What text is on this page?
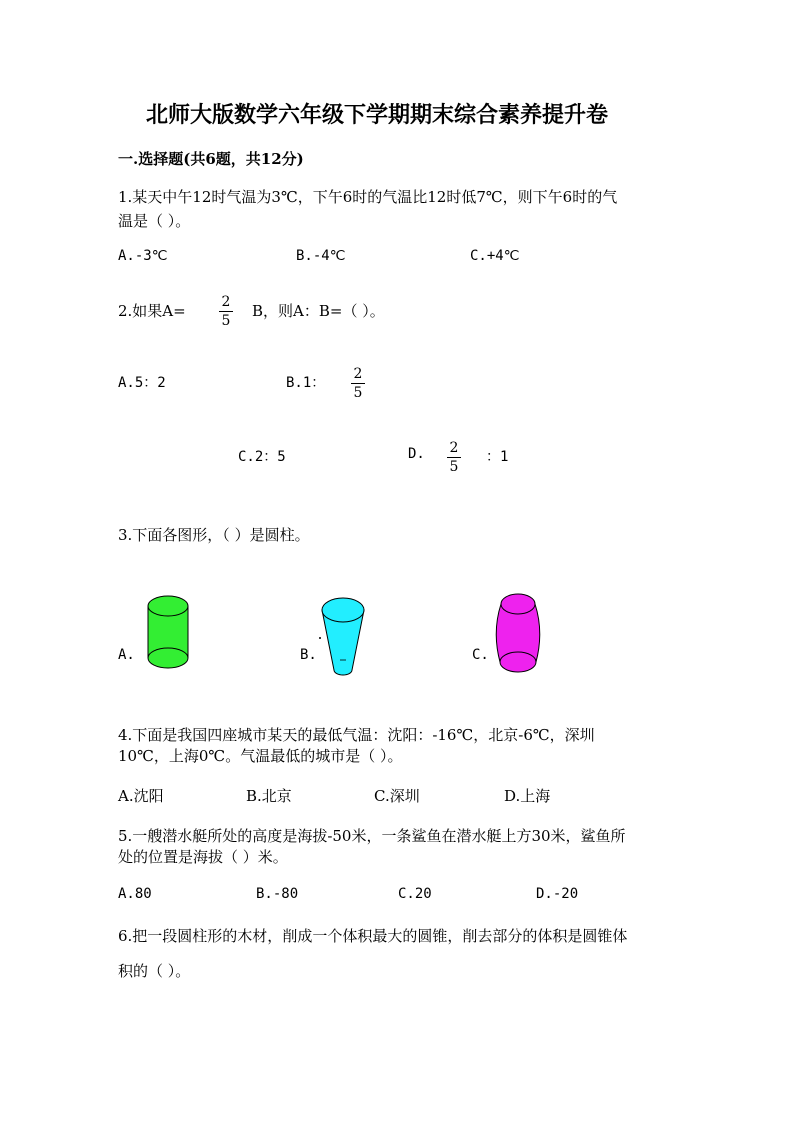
北师大版数学六年级下学期期末综合素养提升卷
一.选择题(共6题，共12分)
1.某天中午12时气温为3℃，下午6时的气温比12时低7℃，则下午6时的气
温是（ ）。
A.-3℃	B.-4℃	C.+4℃
2.如果A=	2
5
B，则A：B=（ ）。
A.5：2	B.1：
2
5
C.2：5	D. 2
5
：1
3.下面各图形，（ ）是圆柱。
A.	B.	C.
4.下面是我国四座城市某天的最低气温：沈阳：-16℃，北京-6℃，深圳
10℃，上海0℃。气温最低的城市是（ ）。
A.沈阳	B.北京	C.深圳	D.上海
5.一艘潜水艇所处的高度是海拔-50米，一条鲨鱼在潜水艇上方30米，鲨鱼所
处的位置是海拔（ ）米。
A.80	B.-80	C.20	D.-20
6.把一段圆柱形的木材，削成一个体积最大的圆锥，削去部分的体积是圆锥体
积的（ ）。
